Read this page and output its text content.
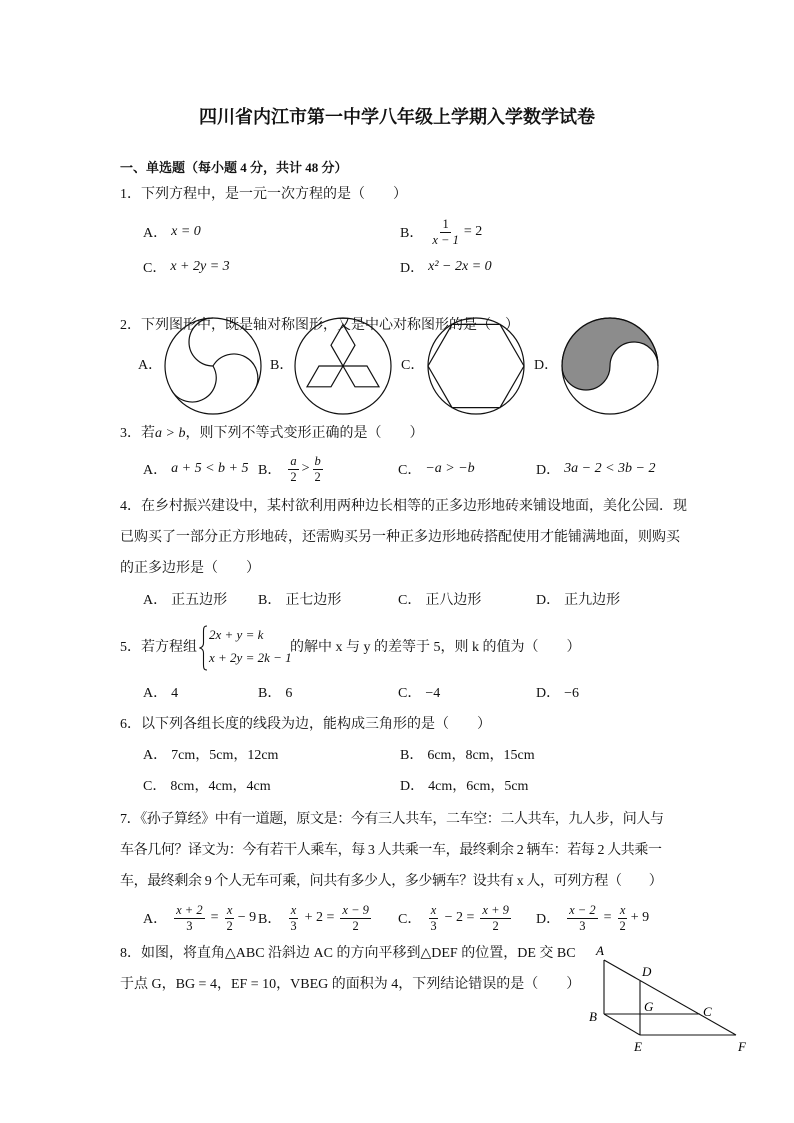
四川省内江市第一中学八年级上学期入学数学试卷
一、单选题（每小题 4 分，共计 48 分）
1．下列方程中，是一元一次方程的是（　　）
A． x = 0	B． $\frac{1}{x - 1} = 2$
C． x + 2y = 3	D． x² − 2x = 0
2．下列图形中，既是轴对称图形，又是中心对称图形的是（　）
A．	B．	C．	D．
3．若a > b，则下列不等式变形正确的是（　　）
A． a + 5 < b + 5 B． $\frac{a}{2} > \frac{b}{2}$	C． −a > −b	D． 3a − 2 < 3b − 2
4．在乡村振兴建设中，某村欲利用两种边长相等的正多边形地砖来铺设地面，美化公园．现
已购买了一部分正方形地砖，还需购买另一种正多边形地砖搭配使用才能铺满地面，则购买
的正多边形是（　　）
A． 正五边形 B． 正七边形	C． 正八边形	D． 正九边形
5．若方程组
2x + y = k
x + 2y = 2k − 1
的解中 x 与 y 的差等于 5，则 k 的值为（　　）
A． 4	B． 6	C． −4	D． −6
6．以下列各组长度的线段为边，能构成三角形的是（　　）
A． 7cm，5cm，12cm	B． 6cm，8cm，15cm
C． 8cm，4cm，4cm	D． 4cm，6cm，5cm
7．《孙子算经》中有一道题，原文是：今有三人共车，二车空：二人共车，九人步，问人与
车各几何？译文为：今有若干人乘车，每 3 人共乘一车，最终剩余 2 辆车：若每 2 人共乘一
车，最终剩余 9 个人无车可乘，问共有多少人，多少辆车？设共有 x 人，可列方程（　　）
A． $\frac{x + 2}{3} = \frac{x}{2} - 9$ B． $\frac{x}{3} + 2 = \frac{x - 9}{2}$ C． $\frac{x}{3} - 2 = \frac{x + 9}{2}$ D． $\frac{x - 2}{3} = \frac{x}{2} + 9$
8．如图，将直角△ABC 沿斜边 AC 的方向平移到△DEF 的位置，DE 交 BC
于点 G，BG = 4，EF = 10，VBEG 的面积为 4，下列结论错误的是（　　）
A
D
G	C
B
E	F
